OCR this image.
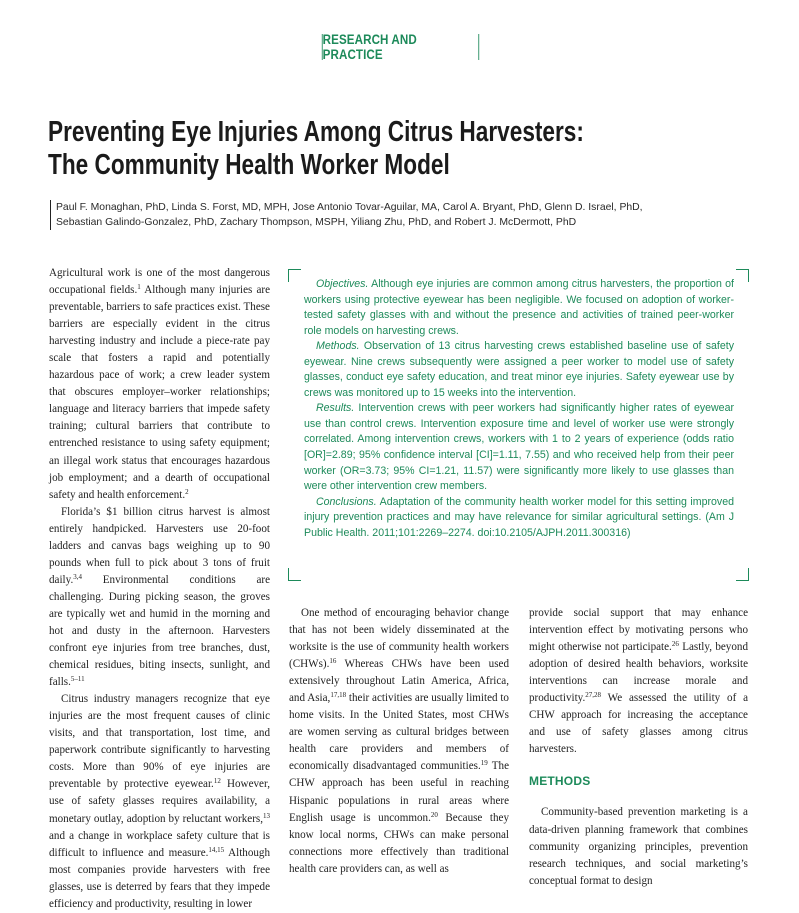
RESEARCH AND PRACTICE
Preventing Eye Injuries Among Citrus Harvesters:
The Community Health Worker Model
Paul F. Monaghan, PhD, Linda S. Forst, MD, MPH, Jose Antonio Tovar-Aguilar, MA, Carol A. Bryant, PhD, Glenn D. Israel, PhD,
Sebastian Galindo-Gonzalez, PhD, Zachary Thompson, MSPH, Yiliang Zhu, PhD, and Robert J. McDermott, PhD

Agricultural work is one of the most dangerous occupational fields.$^1$ Although many injuries are preventable, barriers to safe practices exist. These barriers are especially evident in the citrus harvesting industry and include a piece-rate pay scale that fosters a rapid and potentially hazardous pace of work; a crew leader system that obscures employer–worker relationships; language and literacy barriers that impede safety training; cultural barriers that contribute to entrenched resistance to using safety equipment; an illegal work status that encourages hazardous job employment; and a dearth of occupational safety and health enforcement.$^2$

Florida’s $1 billion citrus harvest is almost entirely handpicked. Harvesters use 20-foot ladders and canvas bags weighing up to 90 pounds when full to pick about 3 tons of fruit daily.$^{3,4}$ Environmental conditions are challenging. During picking season, the groves are typically wet and humid in the morning and hot and dusty in the afternoon. Harvesters confront eye injuries from tree branches, dust, chemical residues, biting insects, sunlight, and falls.$^{5-11}$

Citrus industry managers recognize that eye injuries are the most frequent causes of clinic visits, and that transportation, lost time, and paperwork contribute significantly to harvesting costs. More than 90% of eye injuries are preventable by protective eyewear.$^{12}$ However, use of safety glasses requires availability, a monetary outlay, adoption by reluctant workers,$^{13}$ and a change in workplace safety culture that is difficult to influence and measure.$^{14,15}$ Although most companies provide harvesters with free glasses, use is deterred by fears that they impede efficiency and productivity, resulting in lower

Objectives. Although eye injuries are common among citrus harvesters, the proportion of workers using protective eyewear has been negligible. We focused on adoption of worker-tested safety glasses with and without the presence and activities of trained peer-worker role models on harvesting crews.

Methods. Observation of 13 citrus harvesting crews established baseline use of safety eyewear. Nine crews subsequently were assigned a peer worker to model use of safety glasses, conduct eye safety education, and treat minor eye injuries. Safety eyewear use by crews was monitored up to 15 weeks into the intervention.

Results. Intervention crews with peer workers had significantly higher rates of eyewear use than control crews. Intervention exposure time and level of worker use were strongly correlated. Among intervention crews, workers with 1 to 2 years of experience (odds ratio [OR]=2.89; 95% confidence interval [CI]=1.11, 7.55) and who received help from their peer worker (OR=3.73; 95% CI=1.21, 11.57) were significantly more likely to use glasses than were other intervention crew members.

Conclusions. Adaptation of the community health worker model for this setting improved injury prevention practices and may have relevance for similar agricultural settings. (Am J Public Health. 2011;101:2269–2274. doi:10.2105/AJPH.2011.300316)

One method of encouraging behavior change that has not been widely disseminated at the worksite is the use of community health workers (CHWs).$^{16}$ Whereas CHWs have been used extensively throughout Latin America, Africa, and Asia,$^{17,18}$ their activities are usually limited to home visits. In the United States, most CHWs are women serving as cultural bridges between health care providers and members of economically disadvantaged communities.$^{19}$ The CHW approach has been useful in reaching Hispanic populations in rural areas where English usage is uncommon.$^{20}$ Because they know local norms, CHWs can make personal connections more effectively than traditional health care providers can, as well as

provide social support that may enhance intervention effect by motivating persons who might otherwise not participate.$^{26}$ Lastly, beyond adoption of desired health behaviors, worksite interventions can increase morale and productivity.$^{27,28}$ We assessed the utility of a CHW approach for increasing the acceptance and use of safety glasses among citrus harvesters.

METHODS

Community-based prevention marketing is a data-driven planning framework that combines community organizing principles, prevention research techniques, and social marketing’s conceptual format to design
